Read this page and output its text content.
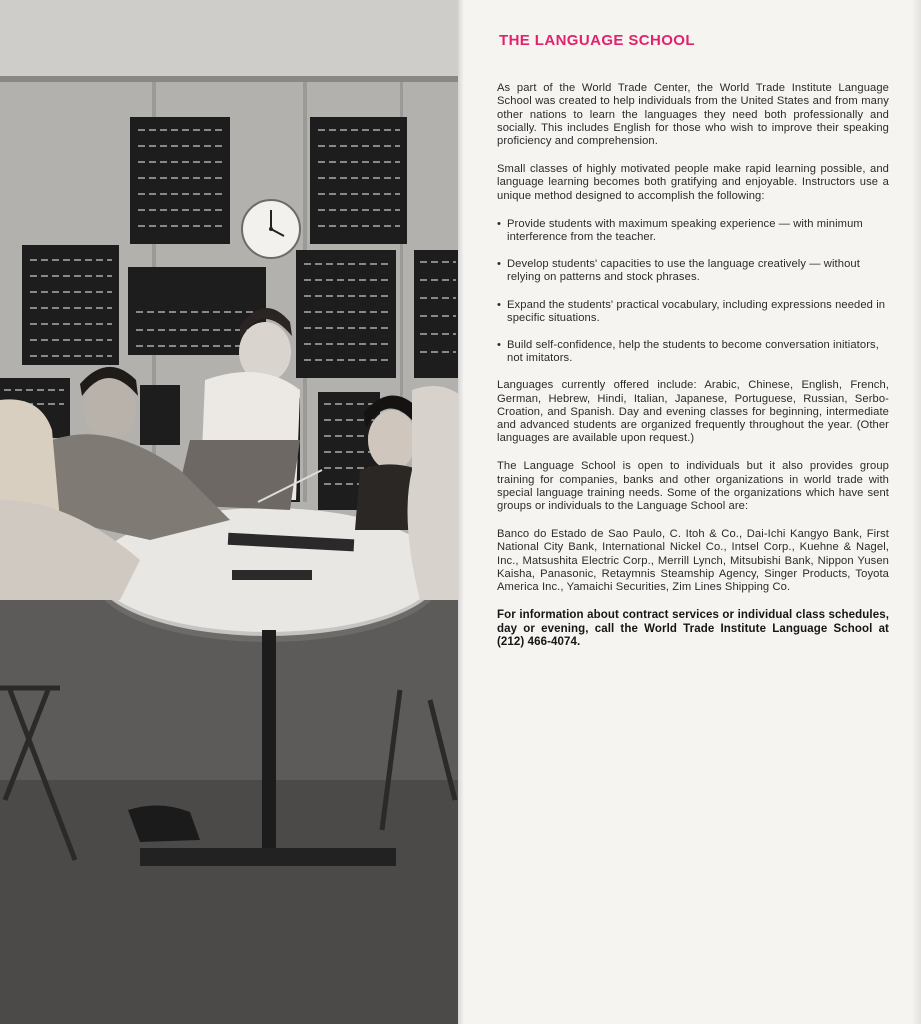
THE LANGUAGE SCHOOL

As part of the World Trade Center, the World Trade Institute Language School was created to help individuals from the United States and from many other nations to learn the languages they need both professionally and socially. This includes English for those who wish to improve their speaking proficiency and comprehension.

Small classes of highly motivated people make rapid learning possible, and language learning becomes both gratifying and enjoyable. Instructors use a unique method designed to accomplish the following:

• Provide students with maximum speaking experience — with minimum interference from the teacher.
• Develop students' capacities to use the language creatively — without relying on patterns and stock phrases.
• Expand the students' practical vocabulary, including expressions needed in specific situations.
• Build self-confidence, help the students to become conversation initiators, not imitators.

Languages currently offered include: Arabic, Chinese, English, French, German, Hebrew, Hindi, Italian, Japanese, Portuguese, Russian, Serbo-Croation, and Spanish. Day and evening classes for beginning, intermediate and advanced students are organized frequently throughout the year. (Other languages are available upon request.)

The Language School is open to individuals but it also provides group training for companies, banks and other organizations in world trade with special language training needs. Some of the organizations which have sent groups or individuals to the Language School are:

Banco do Estado de Sao Paulo, C. Itoh & Co., Dai-Ichi Kangyo Bank, First National City Bank, International Nickel Co., Intsel Corp., Kuehne & Nagel, Inc., Matsushita Electric Corp., Merrill Lynch, Mitsubishi Bank, Nippon Yusen Kaisha, Panasonic, Retaymnis Steamship Agency, Singer Products, Toyota America Inc., Yamaichi Securities, Zim Lines Shipping Co.

For information about contract services or individual class schedules, day or evening, call the World Trade Institute Language School at (212) 466-4074.
